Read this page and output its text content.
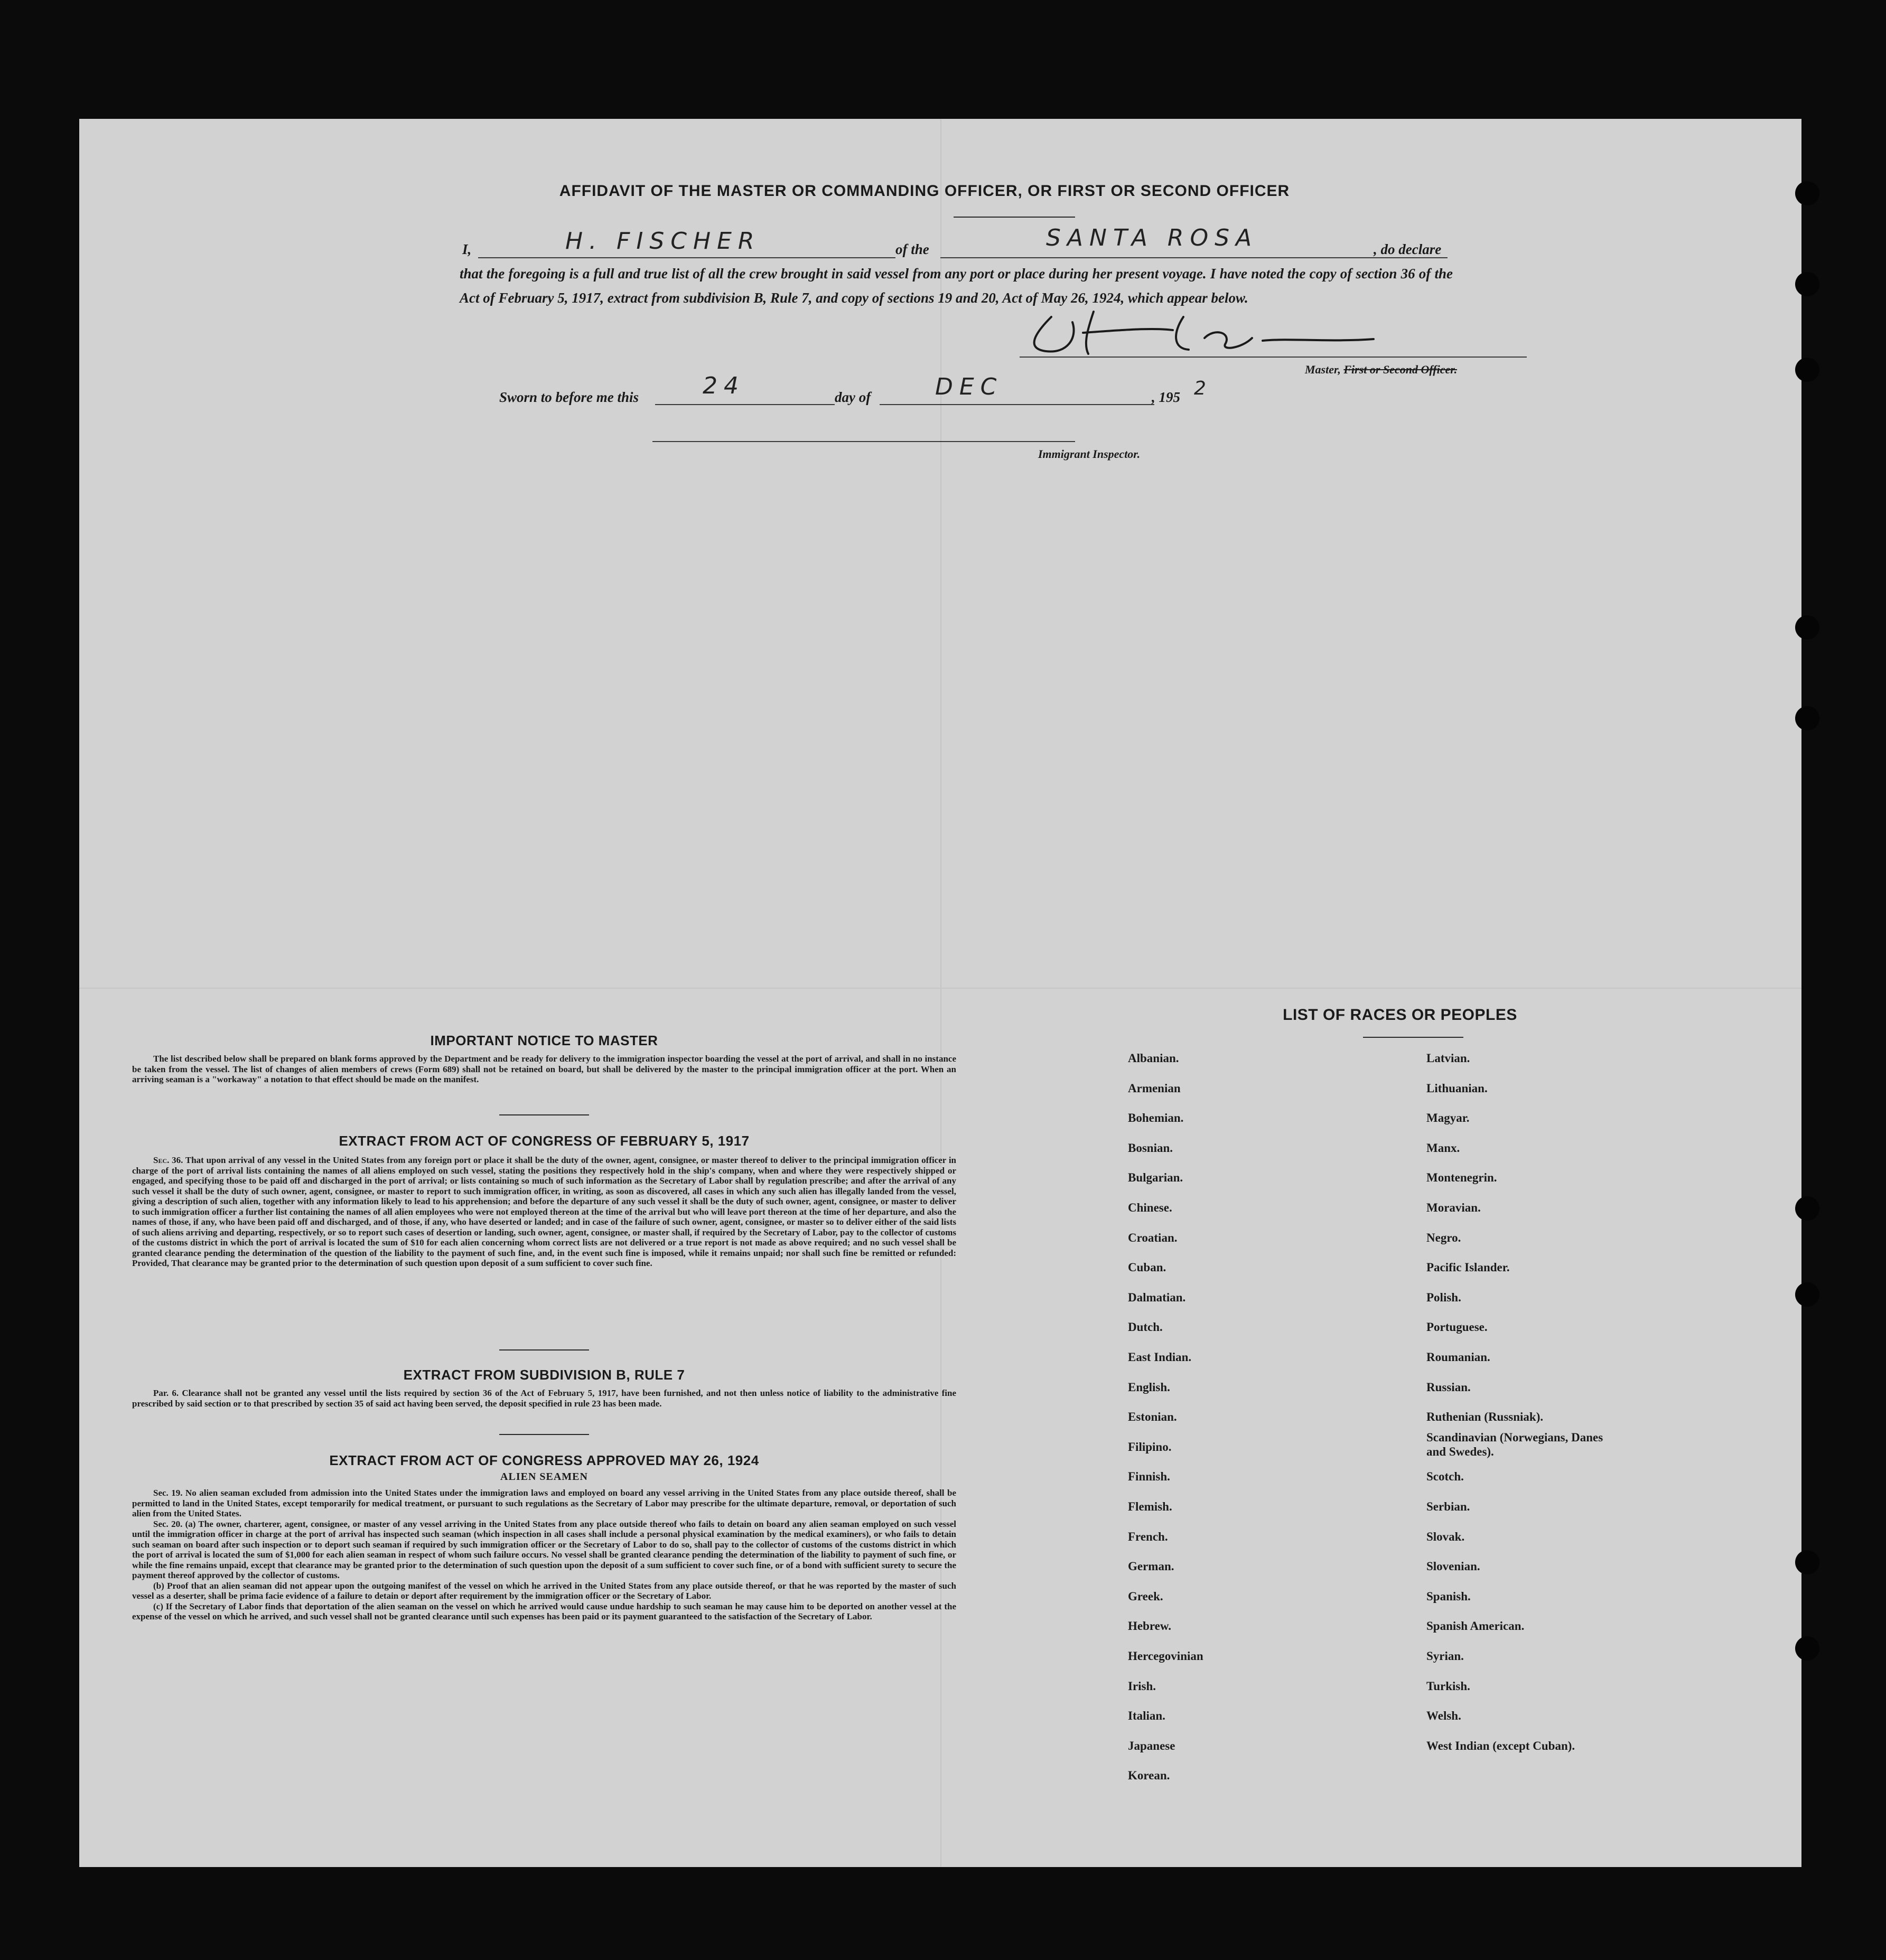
AFFIDAVIT OF THE MASTER OR COMMANDING OFFICER, OR FIRST OR SECOND OFFICER
I,	H. FISCHER	of the	SANTA ROSA	, do declare
that the foregoing is a full and true list of all the crew brought in said vessel from any port or place during her present voyage. I have noted the copy of section 36 of the Act of February 5, 1917, extract from subdivision B, Rule 7, and copy of sections 19 and 20, Act of May 26, 1924, which appear below.
Master, First or Second Officer.
Sworn to before me this	24	day of	DEC	, 195 2
Immigrant Inspector.
IMPORTANT NOTICE TO MASTER

The list described below shall be prepared on blank forms approved by the Department and be ready for delivery to the immigration inspector boarding the vessel at the port of arrival, and shall in no instance be taken from the vessel. The list of changes of alien members of crews (Form 689) shall not be retained on board, but shall be delivered by the master to the principal immigration officer at the port. When an arriving seaman is a "workaway" a notation to that effect should be made on the manifest.

EXTRACT FROM ACT OF CONGRESS OF FEBRUARY 5, 1917

Sec. 36. That upon arrival of any vessel in the United States from any foreign port or place it shall be the duty of the owner, agent, consignee, or master thereof to deliver to the principal immigration officer in charge of the port of arrival lists containing the names of all aliens employed on such vessel, stating the positions they respectively hold in the ship's company, when and where they were respectively shipped or engaged, and specifying those to be paid off and discharged in the port of arrival; or lists containing so much of such information as the Secretary of Labor shall by regulation prescribe; and after the arrival of any such vessel it shall be the duty of such owner, agent, consignee, or master to report to such immigration officer, in writing, as soon as discovered, all cases in which any such alien has illegally landed from the vessel, giving a description of such alien, together with any information likely to lead to his apprehension; and before the departure of any such vessel it shall be the duty of such owner, agent, consignee, or master to deliver to such immigration officer a further list containing the names of all alien employees who were not employed thereon at the time of the arrival but who will leave port thereon at the time of her departure, and also the names of those, if any, who have been paid off and discharged, and of those, if any, who have deserted or landed; and in case of the failure of such owner, agent, consignee, or master so to deliver either of the said lists of such aliens arriving and departing, respectively, or so to report such cases of desertion or landing, such owner, agent, consignee, or master shall, if required by the Secretary of Labor, pay to the collector of customs of the customs district in which the port of arrival is located the sum of $10 for each alien concerning whom correct lists are not delivered or a true report is not made as above required; and no such vessel shall be granted clearance pending the determination of the question of the liability to the payment of such fine, and, in the event such fine is imposed, while it remains unpaid; nor shall such fine be remitted or refunded: Provided, That clearance may be granted prior to the determination of such question upon deposit of a sum sufficient to cover such fine.

EXTRACT FROM SUBDIVISION B, RULE 7

Par. 6. Clearance shall not be granted any vessel until the lists required by section 36 of the Act of February 5, 1917, have been furnished, and not then unless notice of liability to the administrative fine prescribed by said section or to that prescribed by section 35 of said act having been served, the deposit specified in rule 23 has been made.

EXTRACT FROM ACT OF CONGRESS APPROVED MAY 26, 1924
ALIEN SEAMEN

Sec. 19. No alien seaman excluded from admission into the United States under the immigration laws and employed on board any vessel arriving in the United States from any place outside thereof, shall be permitted to land in the United States, except temporarily for medical treatment, or pursuant to such regulations as the Secretary of Labor may prescribe for the ultimate departure, removal, or deportation of such alien from the United States.

Sec. 20. (a) The owner, charterer, agent, consignee, or master of any vessel arriving in the United States from any place outside thereof who fails to detain on board any alien seaman employed on such vessel until the immigration officer in charge at the port of arrival has inspected such seaman (which inspection in all cases shall include a personal physical examination by the medical examiners), or who fails to detain such seaman on board after such inspection or to deport such seaman if required by such immigration officer or the Secretary of Labor to do so, shall pay to the collector of customs of the customs district in which the port of arrival is located the sum of $1,000 for each alien seaman in respect of whom such failure occurs. No vessel shall be granted clearance pending the determination of the liability to payment of such fine, or while the fine remains unpaid, except that clearance may be granted prior to the determination of such question upon the deposit of a sum sufficient to cover such fine, or of a bond with sufficient surety to secure the payment thereof approved by the collector of customs.

(b) Proof that an alien seaman did not appear upon the outgoing manifest of the vessel on which he arrived in the United States from any place outside thereof, or that he was reported by the master of such vessel as a deserter, shall be prima facie evidence of a failure to detain or deport after requirement by the immigration officer or the Secretary of Labor.

(c) If the Secretary of Labor finds that deportation of the alien seaman on the vessel on which he arrived would cause undue hardship to such seaman he may cause him to be deported on another vessel at the expense of the vessel on which he arrived, and such vessel shall not be granted clearance until such expenses has been paid or its payment guaranteed to the satisfaction of the Secretary of Labor.

LIST OF RACES OR PEOPLES
Albanian.
Armenian
Bohemian.
Bosnian.
Bulgarian.
Chinese.
Croatian.
Cuban.
Dalmatian.
Dutch.
East Indian.
English.
Estonian.
Filipino.
Finnish.
Flemish.
French.
German.
Greek.
Hebrew.
Hercegovinian
Irish.
Italian.
Japanese
Korean.
Latvian.
Lithuanian.
Magyar.
Manx.
Montenegrin.
Moravian.
Negro.
Pacific Islander.
Polish.
Portuguese.
Roumanian.
Russian.
Ruthenian (Russniak).
Scandinavian (Norwegians, Danes and Swedes).
Scotch.
Serbian.
Slovak.
Slovenian.
Spanish.
Spanish American.
Syrian.
Turkish.
Welsh.
West Indian (except Cuban).
